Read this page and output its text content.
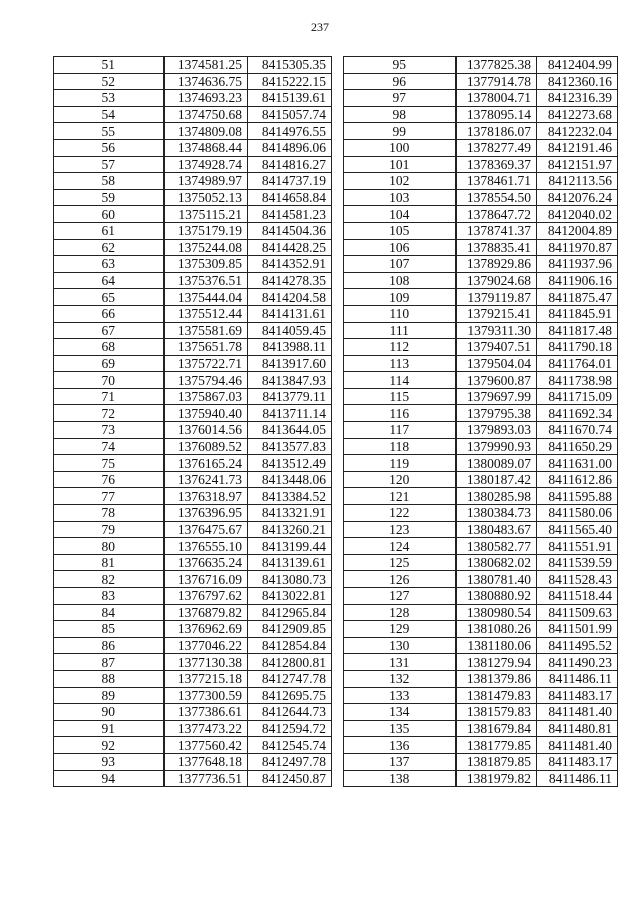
237
51	1374581.25	8415305.35
52	1374636.75	8415222.15
53	1374693.23	8415139.61
54	1374750.68	8415057.74
55	1374809.08	8414976.55
56	1374868.44	8414896.06
57	1374928.74	8414816.27
58	1374989.97	8414737.19
59	1375052.13	8414658.84
60	1375115.21	8414581.23
61	1375179.19	8414504.36
62	1375244.08	8414428.25
63	1375309.85	8414352.91
64	1375376.51	8414278.35
65	1375444.04	8414204.58
66	1375512.44	8414131.61
67	1375581.69	8414059.45
68	1375651.78	8413988.11
69	1375722.71	8413917.60
70	1375794.46	8413847.93
71	1375867.03	8413779.11
72	1375940.40	8413711.14
73	1376014.56	8413644.05
74	1376089.52	8413577.83
75	1376165.24	8413512.49
76	1376241.73	8413448.06
77	1376318.97	8413384.52
78	1376396.95	8413321.91
79	1376475.67	8413260.21
80	1376555.10	8413199.44
81	1376635.24	8413139.61
82	1376716.09	8413080.73
83	1376797.62	8413022.81
84	1376879.82	8412965.84
85	1376962.69	8412909.85
86	1377046.22	8412854.84
87	1377130.38	8412800.81
88	1377215.18	8412747.78
89	1377300.59	8412695.75
90	1377386.61	8412644.73
91	1377473.22	8412594.72
92	1377560.42	8412545.74
93	1377648.18	8412497.78
94	1377736.51	8412450.87
95	1377825.38	8412404.99
96	1377914.78	8412360.16
97	1378004.71	8412316.39
98	1378095.14	8412273.68
99	1378186.07	8412232.04
100	1378277.49	8412191.46
101	1378369.37	8412151.97
102	1378461.71	8412113.56
103	1378554.50	8412076.24
104	1378647.72	8412040.02
105	1378741.37	8412004.89
106	1378835.41	8411970.87
107	1378929.86	8411937.96
108	1379024.68	8411906.16
109	1379119.87	8411875.47
110	1379215.41	8411845.91
111	1379311.30	8411817.48
112	1379407.51	8411790.18
113	1379504.04	8411764.01
114	1379600.87	8411738.98
115	1379697.99	8411715.09
116	1379795.38	8411692.34
117	1379893.03	8411670.74
118	1379990.93	8411650.29
119	1380089.07	8411631.00
120	1380187.42	8411612.86
121	1380285.98	8411595.88
122	1380384.73	8411580.06
123	1380483.67	8411565.40
124	1380582.77	8411551.91
125	1380682.02	8411539.59
126	1380781.40	8411528.43
127	1380880.92	8411518.44
128	1380980.54	8411509.63
129	1381080.26	8411501.99
130	1381180.06	8411495.52
131	1381279.94	8411490.23
132	1381379.86	8411486.11
133	1381479.83	8411483.17
134	1381579.83	8411481.40
135	1381679.84	8411480.81
136	1381779.85	8411481.40
137	1381879.85	8411483.17
138	1381979.82	8411486.11
